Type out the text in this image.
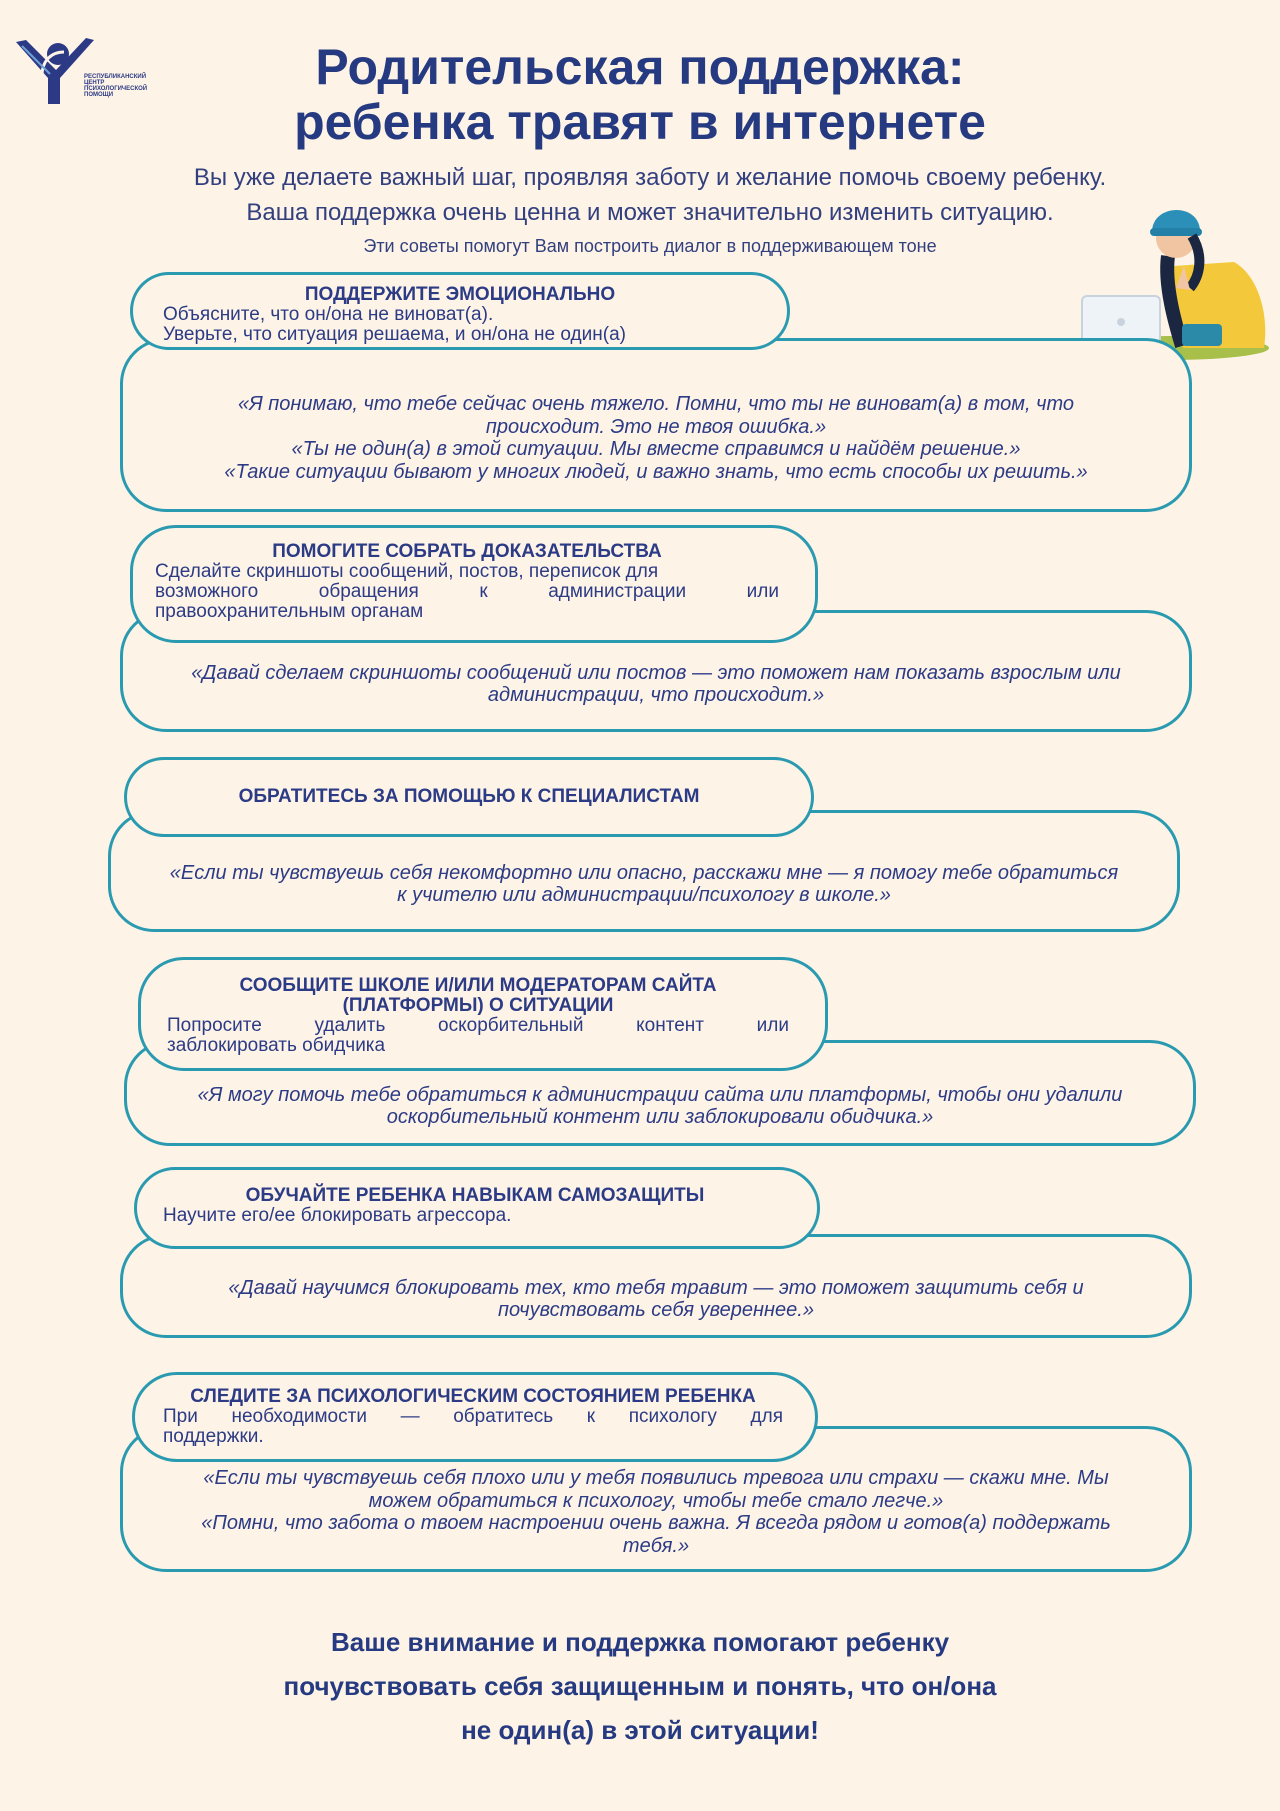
РЕСПУБЛИКАНСКИЙ
ЦЕНТР
ПСИХОЛОГИЧЕСКОЙ
ПОМОЩИ	Родительская поддержка:
ребенка травят в интернете
Вы уже делаете важный шаг, проявляя заботу и желание помочь своему ребенку.
Ваша поддержка очень ценна и может значительно изменить ситуацию.
Эти советы помогут Вам построить диалог в поддерживающем тоне
«Я понимаю, что тебе сейчас очень тяжело. Помни, что ты не виноват(а) в том, что
происходит. Это не твоя ошибка.»
«Ты не один(а) в этой ситуации. Мы вместе справимся и найдём решение.»
«Такие ситуации бывают у многих людей, и важно знать, что есть способы их решить.»
ПОДДЕРЖИТЕ ЭМОЦИОНАЛЬНО
Объясните, что он/она не виноват(а).
Уверьте, что ситуация решаема, и он/она не один(а)
«Давай сделаем скриншоты сообщений или постов — это поможет нам показать взрослым или
администрации, что происходит.»
ПОМОГИТЕ СОБРАТЬ ДОКАЗАТЕЛЬСТВА
Сделайте скриншоты сообщений, постов, переписок для
возможного обращения к администрации или
правоохранительным органам
«Если ты чувствуешь себя некомфортно или опасно, расскажи мне — я помогу тебе обратиться
к учителю или администрации/психологу в школе.»
ОБРАТИТЕСЬ ЗА ПОМОЩЬЮ К СПЕЦИАЛИСТАМ
«Я могу помочь тебе обратиться к администрации сайта или платформы, чтобы они удалили
оскорбительный контент или заблокировали обидчика.»
СООБЩИТЕ ШКОЛЕ И/ИЛИ МОДЕРАТОРАМ САЙТА (ПЛАТФОРМЫ) О СИТУАЦИИ
Попросите удалить оскорбительный контент или
заблокировать обидчика
«Давай научимся блокировать тех, кто тебя травит — это поможет защитить себя и
почувствовать себя увереннее.»
ОБУЧАЙТЕ РЕБЕНКА НАВЫКАМ САМОЗАЩИТЫ
Научите его/ее блокировать агрессора.
«Если ты чувствуешь себя плохо или у тебя появились тревога или страхи — скажи мне. Мы
можем обратиться к психологу, чтобы тебе стало легче.»
«Помни, что забота о твоем настроении очень важна. Я всегда рядом и готов(а) поддержать
тебя.»
СЛЕДИТЕ ЗА ПСИХОЛОГИЧЕСКИМ СОСТОЯНИЕМ РЕБЕНКА
При необходимости — обратитесь к психологу для
поддержки.
Ваше внимание и поддержка помогают ребенку
почувствовать себя защищенным и понять, что он/она
не один(а) в этой ситуации!
